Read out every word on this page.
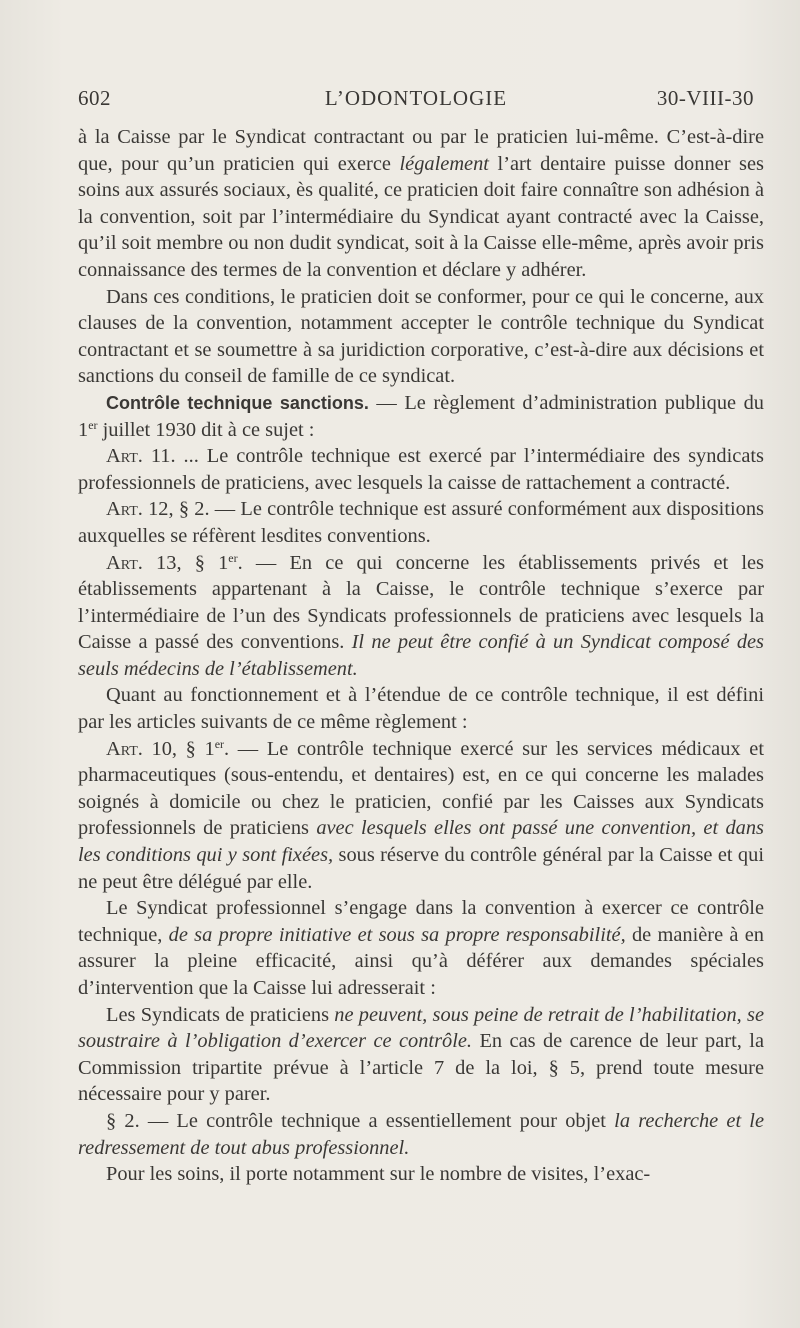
602	L’ODONTOLOGIE	30-VIII-30

à la Caisse par le Syndicat contractant ou par le praticien lui-même. C’est-à-dire que, pour qu’un praticien qui exerce légalement l’art dentaire puisse donner ses soins aux assurés sociaux, ès qualité, ce praticien doit faire connaître son adhésion à la convention, soit par l’intermédiaire du Syndicat ayant contracté avec la Caisse, qu’il soit membre ou non dudit syndicat, soit à la Caisse elle-même, après avoir pris connaissance des termes de la convention et déclare y adhérer.

Dans ces conditions, le praticien doit se conformer, pour ce qui le concerne, aux clauses de la convention, notamment accepter le contrôle technique du Syndicat contractant et se soumettre à sa juridiction corporative, c’est-à-dire aux décisions et sanctions du conseil de famille de ce syndicat.

Contrôle technique sanctions. — Le règlement d’administration publique du 1er juillet 1930 dit à ce sujet :

Art. 11. ... Le contrôle technique est exercé par l’intermédiaire des syndicats professionnels de praticiens, avec lesquels la caisse de rattachement a contracté.

Art. 12, § 2. — Le contrôle technique est assuré conformément aux dispositions auxquelles se réfèrent lesdites conventions.

Art. 13, § 1er. — En ce qui concerne les établissements privés et les établissements appartenant à la Caisse, le contrôle technique s’exerce par l’intermédiaire de l’un des Syndicats professionnels de praticiens avec lesquels la Caisse a passé des conventions. Il ne peut être confié à un Syndicat composé des seuls médecins de l’établissement.

Quant au fonctionnement et à l’étendue de ce contrôle technique, il est défini par les articles suivants de ce même règlement :

Art. 10, § 1er. — Le contrôle technique exercé sur les services médicaux et pharmaceutiques (sous-entendu, et dentaires) est, en ce qui concerne les malades soignés à domicile ou chez le praticien, confié par les Caisses aux Syndicats professionnels de praticiens avec lesquels elles ont passé une convention, et dans les conditions qui y sont fixées, sous réserve du contrôle général par la Caisse et qui ne peut être délégué par elle.

Le Syndicat professionnel s’engage dans la convention à exercer ce contrôle technique, de sa propre initiative et sous sa propre responsabilité, de manière à en assurer la pleine efficacité, ainsi qu’à déférer aux demandes spéciales d’intervention que la Caisse lui adresserait :

Les Syndicats de praticiens ne peuvent, sous peine de retrait de l’habilitation, se soustraire à l’obligation d’exercer ce contrôle. En cas de carence de leur part, la Commission tripartite prévue à l’article 7 de la loi, § 5, prend toute mesure nécessaire pour y parer.

§ 2. — Le contrôle technique a essentiellement pour objet la recherche et le redressement de tout abus professionnel.

Pour les soins, il porte notamment sur le nombre de visites, l’exac-
